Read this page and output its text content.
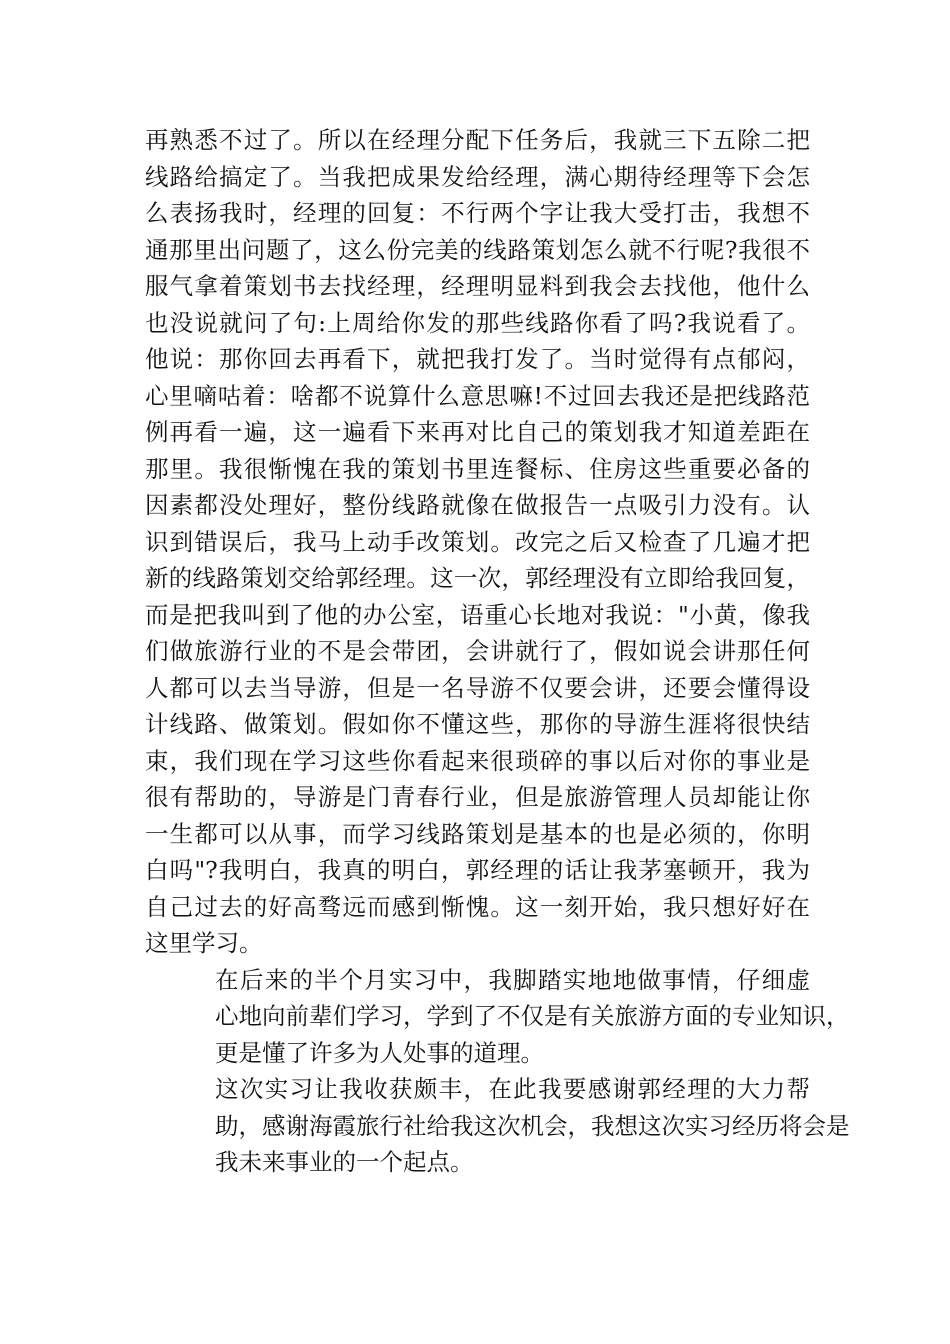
再熟悉不过了。所以在经理分配下任务后，我就三下五除二把
线路给搞定了。当我把成果发给经理，满心期待经理等下会怎
么表扬我时，经理的回复：不行两个字让我大受打击，我想不
通那里出问题了，这么份完美的线路策划怎么就不行呢?我很不
服气拿着策划书去找经理，经理明显料到我会去找他，他什么
也没说就问了句:上周给你发的那些线路你看了吗?我说看了。
他说：那你回去再看下，就把我打发了。当时觉得有点郁闷，
心里嘀咕着：啥都不说算什么意思嘛!不过回去我还是把线路范
例再看一遍，这一遍看下来再对比自己的策划我才知道差距在
那里。我很惭愧在我的策划书里连餐标、住房这些重要必备的
因素都没处理好，整份线路就像在做报告一点吸引力没有。认
识到错误后，我马上动手改策划。改完之后又检查了几遍才把
新的线路策划交给郭经理。这一次，郭经理没有立即给我回复，
而是把我叫到了他的办公室，语重心长地对我说："小黄，像我
们做旅游行业的不是会带团，会讲就行了，假如说会讲那任何
人都可以去当导游，但是一名导游不仅要会讲，还要会懂得设
计线路、做策划。假如你不懂这些，那你的导游生涯将很快结
束，我们现在学习这些你看起来很琐碎的事以后对你的事业是
很有帮助的，导游是门青春行业，但是旅游管理人员却能让你
一生都可以从事，而学习线路策划是基本的也是必须的，你明
白吗"?我明白，我真的明白，郭经理的话让我茅塞顿开，我为
自己过去的好高骛远而感到惭愧。这一刻开始，我只想好好在
这里学习。

在后来的半个月实习中，我脚踏实地地做事情，仔细虚
心地向前辈们学习，学到了不仅是有关旅游方面的专业知识，
更是懂了许多为人处事的道理。

这次实习让我收获颇丰，在此我要感谢郭经理的大力帮
助，感谢海霞旅行社给我这次机会，我想这次实习经历将会是
我未来事业的一个起点。
